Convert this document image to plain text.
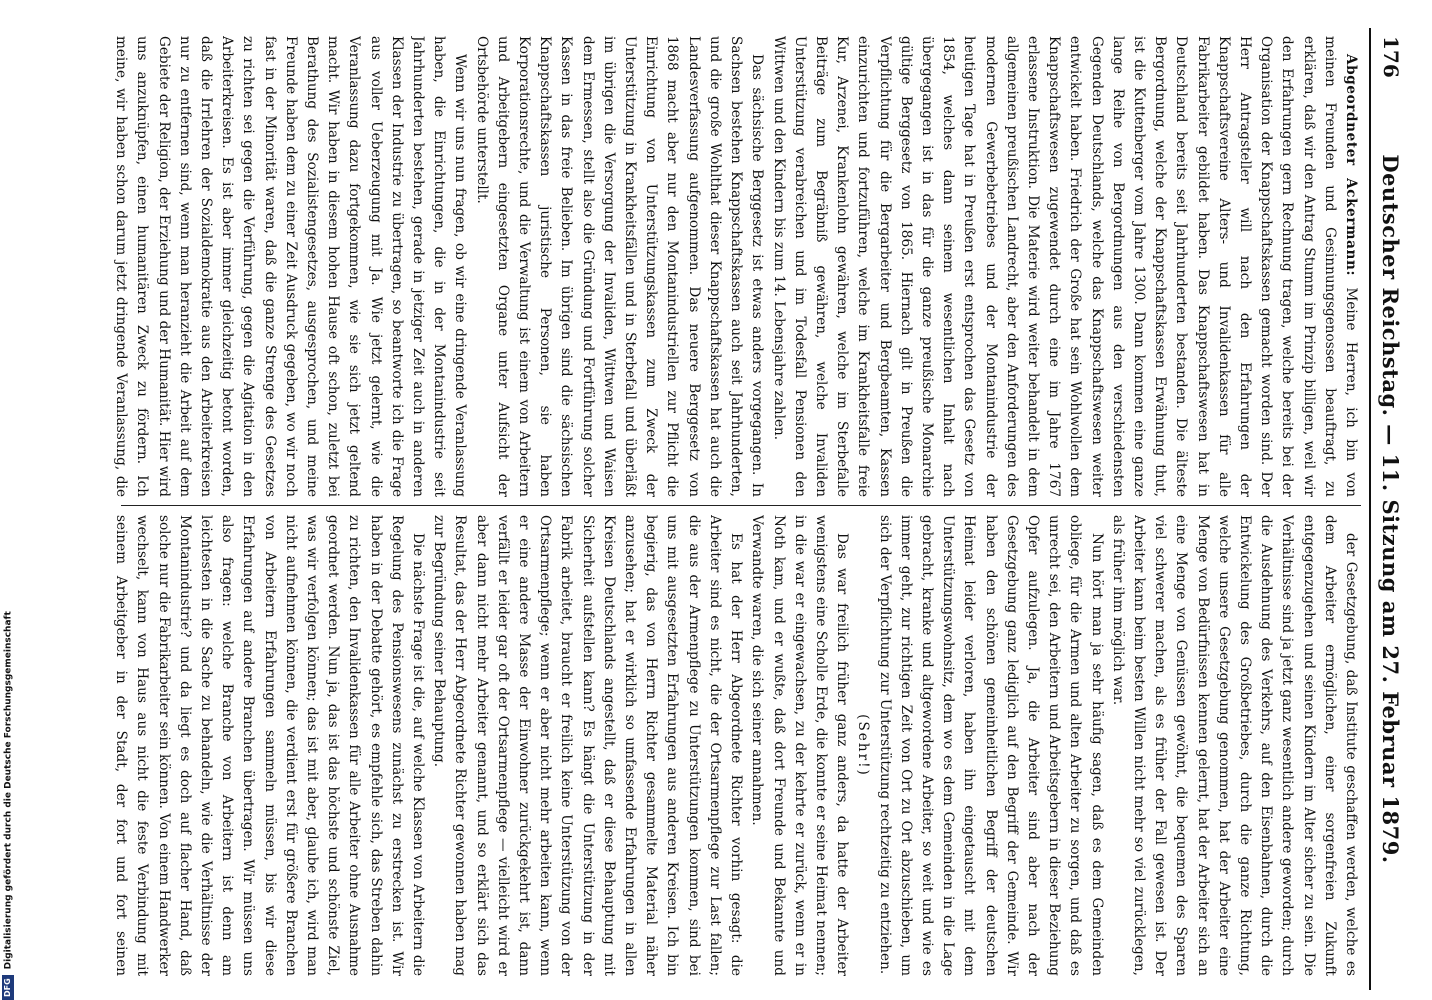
DFGDigitalisierung gefördert durch die Deutsche Forschungsgemeinschaft
176
Deutscher Reichstag. — 11. Sitzung am 27. Februar 1879.

Abgeordneter Ackermann: Meine Herren, ich bin von meinen Freunden und Gesinnungsgenossen beauftragt, zu erklären, daß wir den Antrag Stumm im Prinzip billigen, weil wir den Erfahrungen gern Rechnung tragen, welche bereits bei der Organisation der Knappschaftskassen gemacht worden sind. Der Herr Antragsteller will nach den Erfahrungen der Knappschaftsvereine Alters- und Invalidenkassen für alle Fabrikarbeiter gebildet haben. Das Knappschaftswesen hat in Deutschland bereits seit Jahrhunderten bestanden. Die älteste Bergordnung, welche der Knappschaftskassen Erwähnung thut, ist die Kuttenberger vom Jahre 1300. Dann kommen eine ganze lange Reihe von Bergordnungen aus den verschiedensten Gegenden Deutschlands, welche das Knappschaftswesen weiter entwickelt haben. Friedrich der Große hat sein Wohlwollen dem Knappschaftswesen zugewendet durch eine im Jahre 1767 erlassene Instruktion. Die Materie wird weiter behandelt in dem allgemeinen preußischen Landrecht, aber den Anforderungen des modernen Gewerbebetriebes und der Montanindustrie der heutigen Tage hat in Preußen erst entsprochen das Gesetz von 1854, welches dann seinem wesentlichen Inhalt nach übergegangen ist in das für die ganze preußische Monarchie gültige Berggesetz von 1865. Hiernach gilt in Preußen die Verpflichtung für die Bergarbeiter und Bergbeamten, Kassen einzurichten und fortzuführen, welche im Krankheitsfalle freie Kur, Arzenei, Krankenlohn gewähren, welche im Sterbefalle Beiträge zum Begräbniß gewähren, welche Invaliden Unterstützung verabreichen und im Todesfall Pensionen den Wittwen und den Kindern bis zum 14. Lebensjahre zahlen.

Das sächsische Berggesetz ist etwas anders vorgegangen. In Sachsen bestehen Knappschaftskassen auch seit Jahrhunderten, und die große Wohlthat dieser Knappschaftskassen hat auch die Landesverfassung aufgenommen. Das neuere Berggesetz von 1868 macht aber nur den Montanindustriellen zur Pflicht die Einrichtung von Unterstützungskassen zum Zweck der Unterstützung in Krankheitsfällen und in Sterbefall und überläßt im übrigen die Versorgung der Invaliden, Wittwen und Waisen dem Ermessen, stellt also die Gründung und Fortführung solcher Kassen in das freie Belieben. Im übrigen sind die sächsischen Knappschaftskassen juristische Personen, sie haben Korporationsrechte, und die Verwaltung ist einem von Arbeitern und Arbeitgebern eingesetzten Organe unter Aufsicht der Ortsbehörde unterstellt.

Wenn wir uns nun fragen, ob wir eine dringende Veranlassung haben, die Einrichtungen, die in der Montanindustrie seit Jahrhunderten bestehen, gerade in jetziger Zeit auch in anderen Klassen der Industrie zu übertragen, so beantworte ich die Frage aus voller Ueberzeugung mit Ja. Wie jetzt gelernt, wie die Veranlassung dazu fortgekommen, wie sie sich jetzt geltend macht. Wir haben in diesem hohen Hause oft schon, zuletzt bei Berathung des Sozialistengesetzes, ausgesprochen, und meine Freunde haben dem zu einer Zeit Ausdruck gegeben, wo wir noch fast in der Minorität waren, daß die ganze Strenge des Gesetzes zu richten sei gegen die Verführung, gegen die Agitation in den Arbeiterkreisen. Es ist aber immer gleichzeitig betont worden, daß die Irrlehren der Sozialdemokratie aus den Arbeiterkreisen nur zu entfernen sind, wenn man heranzieht die Arbeit auf dem Gebiete der Religion, der Erziehung und der Humanität. Hier wird uns anzuknüpfen, einen humanitären Zweck zu fördern. Ich meine, wir haben schon darum jetzt dringende Veranlassung, die

der Gesetzgebung, daß Institute geschaffen werden, welche es dem Arbeiter ermöglichen, einer sorgenfreien Zukunft entgegenzugehen und seinen Kindern im Alter sicher zu sein. Die Verhältnisse sind ja jetzt ganz wesentlich andere geworden; durch die Ausdehnung des Verkehrs, auf den Eisenbahnen, durch die Entwickelung des Großbetriebes, durch die ganze Richtung, welche unsere Gesetzgebung genommen, hat der Arbeiter eine Menge von Bedürfnissen kennen gelernt, hat der Arbeiter sich an eine Menge von Genüssen gewöhnt, die bequemen des Sparen viel schwerer machen, als es früher der Fall gewesen ist. Der Arbeiter kann beim besten Willen nicht mehr so viel zurücklegen, als früher ihm möglich war.

Nun hört man ja sehr häufig sagen, daß es dem Gemeinden obliege, für die Armen und alten Arbeiter zu sorgen, und daß es unrecht sei, den Arbeitern und Arbeitsgebern in dieser Beziehung Opfer aufzulegen. Ja, die Arbeiter sind aber nach der Gesetzgebung ganz lediglich auf den Begriff der Gemeinde. Wir haben den schönen gemeinheitlichen Begriff der deutschen Heimat leider verloren, haben ihn eingetauscht mit dem Unterstützungswohnsitz, dem wo es dem Gemeinden in die Lage gebracht, kranke und altgewordene Arbeiter, so weit und wie es immer geht, zur richtigen Zeit von Ort zu Ort abzuschieben, um sich der Verpflichtung zur Unterstützung rechtzeitig zu entziehen.

(Sehr!)

Das war freilich früher ganz anders, da hatte der Arbeiter wenigstens eine Scholle Erde, die konnte er seine Heimat nennen; in die war er eingewachsen, zu der kehrte er zurück, wenn er in Noth kam, und er wußte, daß dort Freunde und Bekannte und Verwandte waren, die sich seiner annahmen.

Es hat der Herr Abgeordnete Richter vorhin gesagt: die Arbeiter sind es nicht, die der Ortsarmenpflege zur Last fallen; die aus der Armenpflege zu Unterstützungen kommen, sind bei uns mit ausgesetzten Erfahrungen aus anderen Kreisen. Ich bin begierig, das von Herrn Richter gesammelte Material näher anzusehen; hat er wirklich so umfassende Erfahrungen in allen Kreisen Deutschlands angestellt, daß er diese Behauptung mit Sicherheit aufstellen kann? Es hängt die Unterstützung in der Fabrik arbeitet, braucht er freilich keine Unterstützung von der Ortsarmenpflege; wenn er aber nicht mehr arbeiten kann, wenn er eine andere Masse der Einwohner zurückgekehrt ist, dann verfällt er leider gar oft der Ortsarmenpflege — vielleicht wird er aber dann nicht mehr Arbeiter genannt, und so erklärt sich das Resultat, das der Herr Abgeordnete Richter gewonnen haben mag zur Begründung seiner Behauptung.

Die nächste Frage ist die, auf welche Klassen von Arbeitern die Regelung des Pensionswesens zunächst zu erstrecken ist. Wir haben in der Debatte gehört, es empfehle sich, das Streben dahin zu richten, den Invalidenkassen für alle Arbeiter ohne Ausnahme geordnet werden. Nun ja, das ist das höchste und schönste Ziel, was wir verfolgen können; das ist mit aber, glaube ich, wird man nicht aufnehmen können, die verdient erst für größere Branchen von Arbeitern Erfahrungen sammeln müssen, bis wir diese Erfahrungen auf andere Branchen übertragen. Wir müssen uns also fragen: welche Branche von Arbeitern ist denn am leichtesten in die Sache zu behandeln, wie die Verhältnisse der Montanindustrie? und da liegt es doch auf flacher Hand, daß solche nur die Fabrikarbeiter sein können. Von einem Handwerker wechselt, kann von Haus aus nicht die feste Verbindung mit seinem Arbeitgeber in der Stadt, der fort und fort seinen
